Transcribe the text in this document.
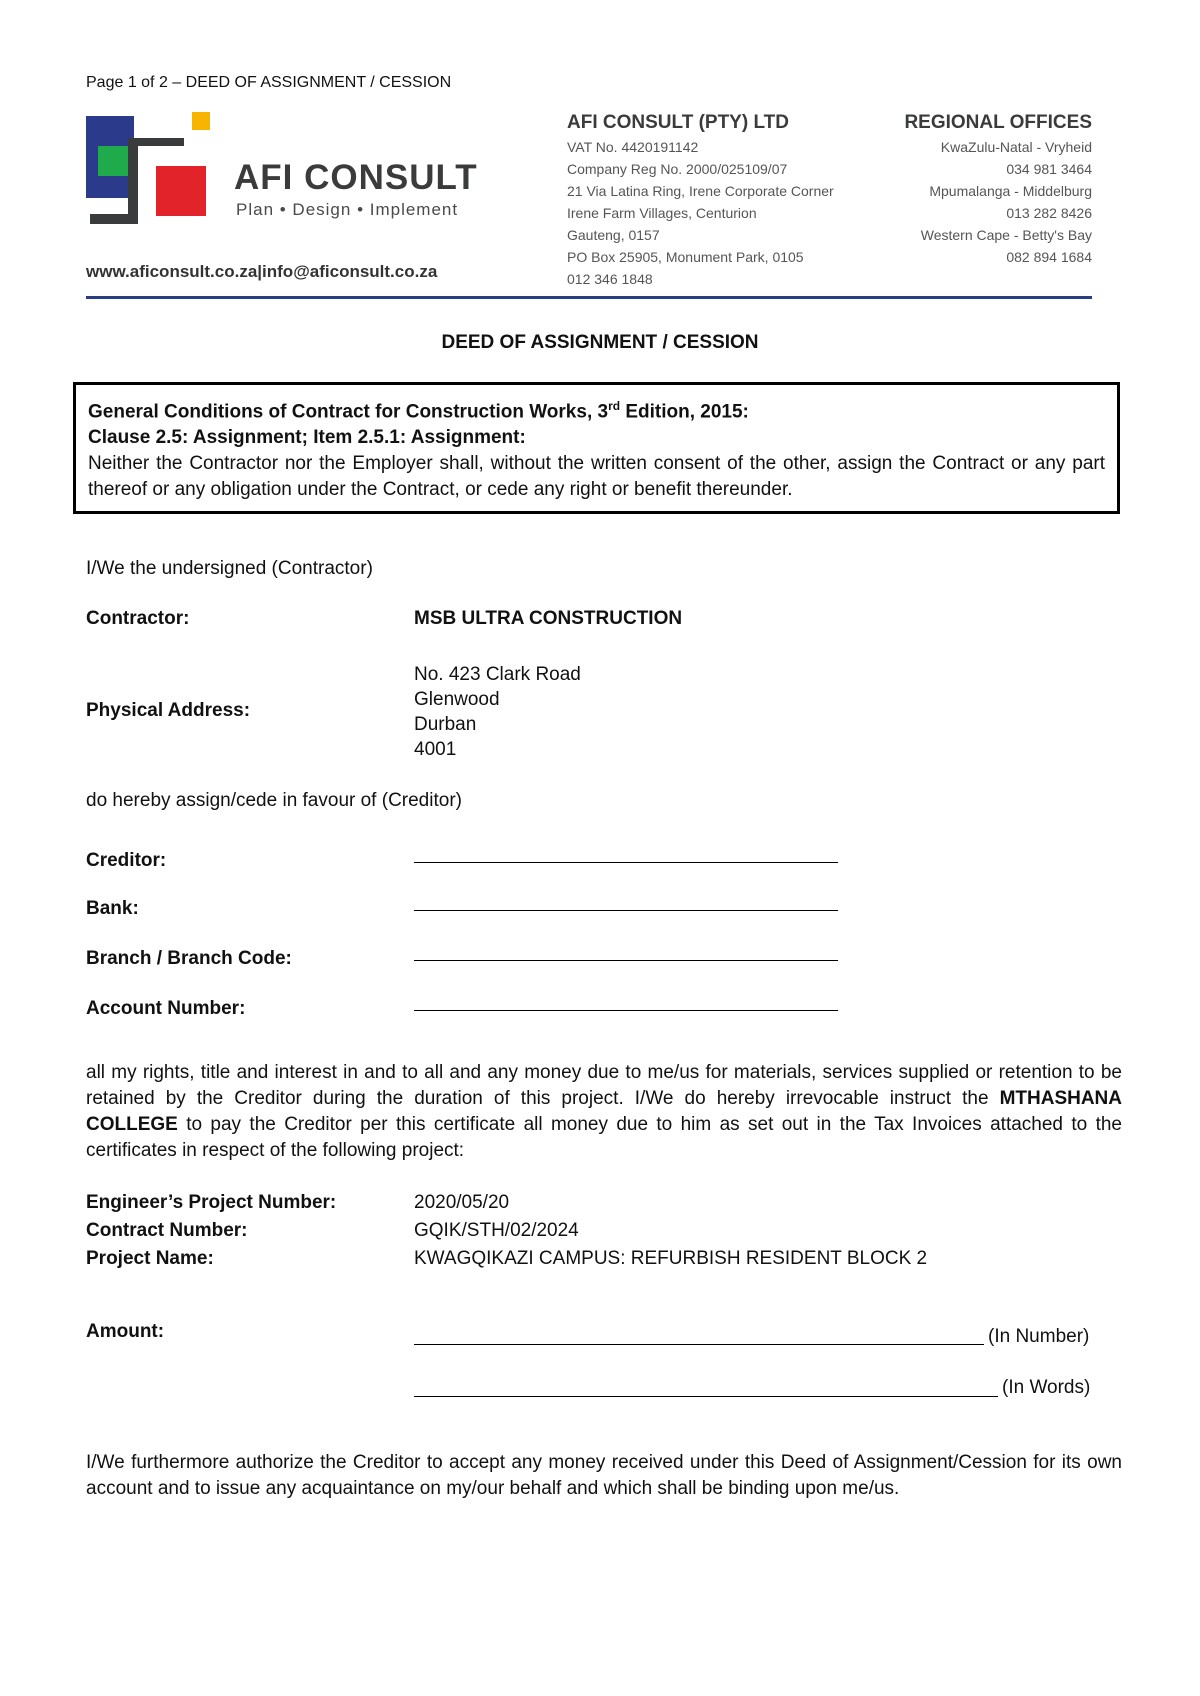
Page 1 of 2 – DEED OF ASSIGNMENT / CESSION
AFI CONSULT
Plan • Design • Implement
www.aficonsult.co.za|info@aficonsult.co.za
AFI CONSULT (PTY) LTD
VAT No. 4420191142
Company Reg No. 2000/025109/07
21 Via Latina Ring, Irene Corporate Corner
Irene Farm Villages, Centurion
Gauteng, 0157
PO Box 25905, Monument Park, 0105
012 346 1848
REGIONAL OFFICES
KwaZulu-Natal - Vryheid
034 981 3464
Mpumalanga - Middelburg
013 282 8426
Western Cape - Betty's Bay
082 894 1684
DEED OF ASSIGNMENT / CESSION
General Conditions of Contract for Construction Works, 3rd Edition, 2015:
Clause 2.5: Assignment; Item 2.5.1: Assignment:
Neither the Contractor nor the Employer shall, without the written consent of the other, assign the Contract or any part thereof or any obligation under the Contract, or cede any right or benefit thereunder.
I/We the undersigned (Contractor)
Contractor:	MSB ULTRA CONSTRUCTION
Physical Address:
No. 423 Clark Road
Glenwood
Durban
4001
do hereby assign/cede in favour of (Creditor)
Creditor:
Bank:
Branch / Branch Code:
Account Number:
all my rights, title and interest in and to all and any money due to me/us for materials, services supplied or retention to be retained by the Creditor during the duration of this project. I/We do hereby irrevocable instruct the MTHASHANA COLLEGE to pay the Creditor per this certificate all money due to him as set out in the Tax Invoices attached to the certificates in respect of the following project:
Engineer’s Project Number:	2020/05/20
Contract Number:	GQIK/STH/02/2024
Project Name:	KWAGQIKAZI CAMPUS: REFURBISH RESIDENT BLOCK 2
Amount:	(In Number)
(In Words)
I/We furthermore authorize the Creditor to accept any money received under this Deed of Assignment/Cession for its own account and to issue any acquaintance on my/our behalf and which shall be binding upon me/us.
